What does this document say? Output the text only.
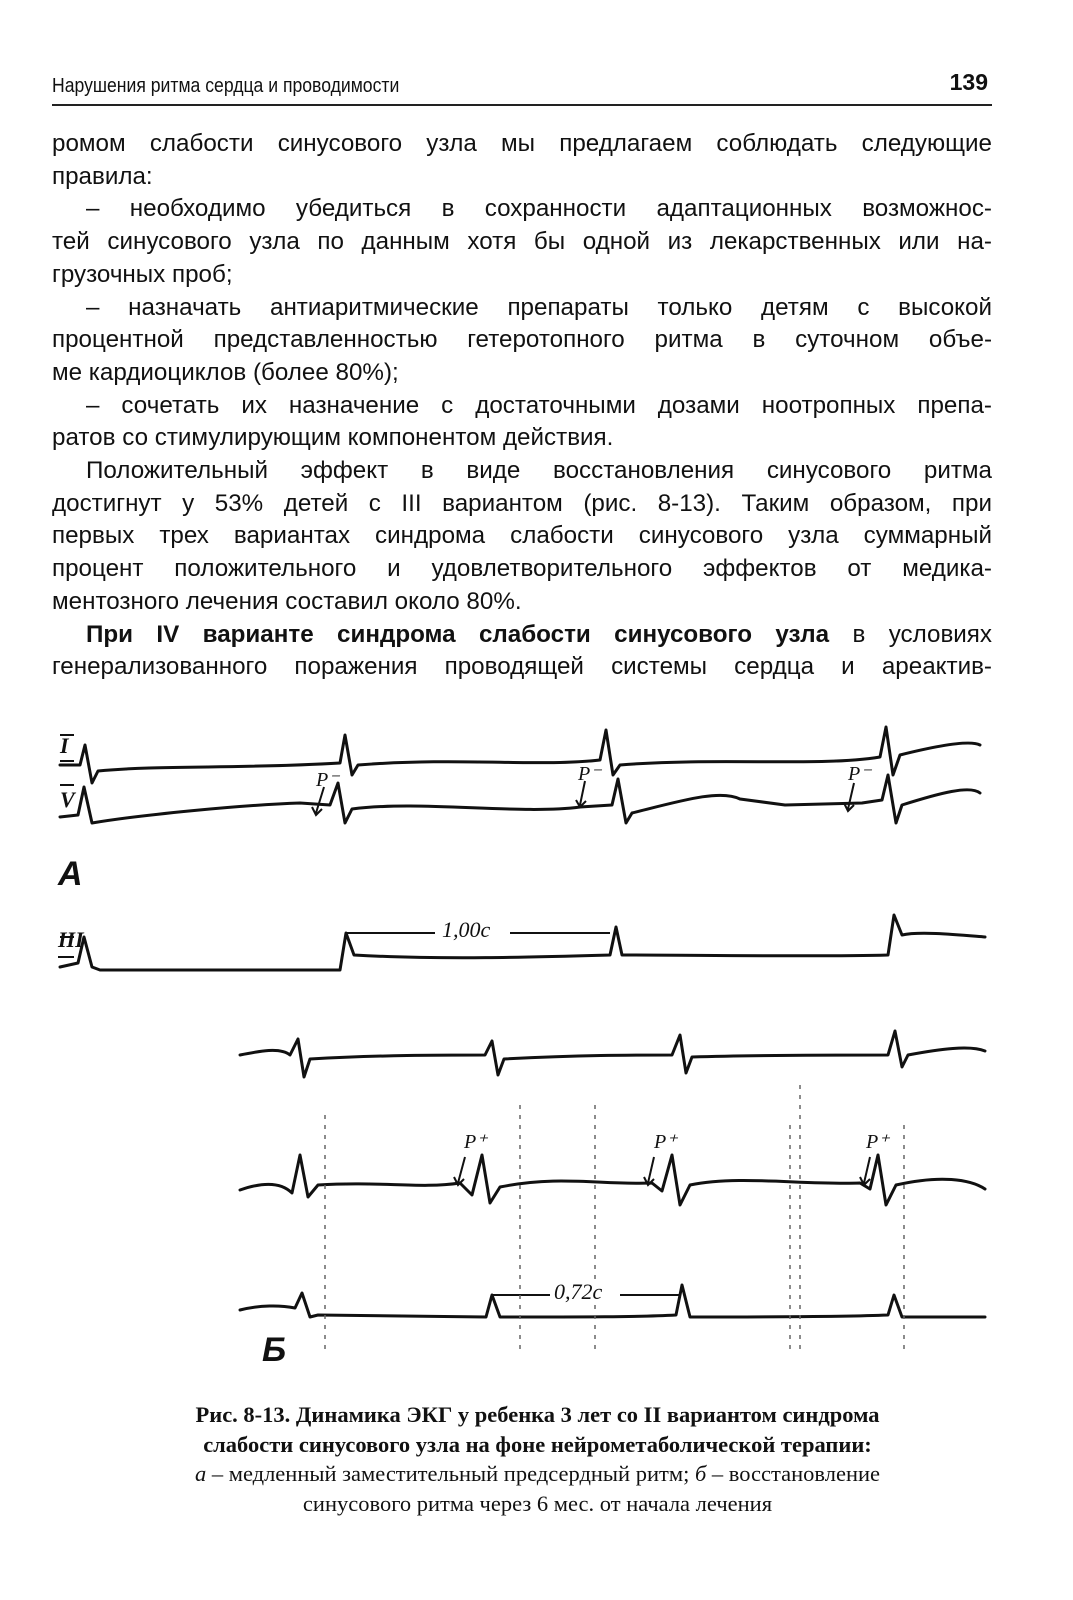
Нарушения ритма сердца и проводимости	139

ромом слабости синусового узла мы предлагаем соблюдать следующие

правила:

– необходимо убедиться в сохранности адаптационных возможнос-

тей синусового узла по данным хотя бы одной из лекарственных или на-

грузочных проб;

– назначать антиаритмические препараты только детям с высокой

процентной представленностью гетеротопного ритма в суточном объе-

ме кардиоциклов (более 80%);

– сочетать их назначение с достаточными дозами ноотропных препа-

ратов со стимулирующим компонентом действия.

Положительный эффект в виде восстановления синусового ритма

достигнут у 53% детей с III вариантом (рис. 8-13). Таким образом, при

первых трех вариантах синдрома слабости синусового узла суммарный

процент положительного и удовлетворительного эффектов от медика-

ментозного лечения составил около 80%.

При IV варианте синдрома слабости синусового узла в условиях

генерализованного поражения проводящей системы сердца и ареактив-

I
V
A
III
Б
P⁻	P⁻	P⁻
P⁺	P⁺	P⁺
1,00с
0,72с
Рис. 8-13. Динамика ЭКГ у ребенка 3 лет со II вариантом синдрома
слабости синусового узла на фоне нейрометаболической терапии:
а – медленный заместительный предсердный ритм; б – восстановление
синусового ритма через 6 мес. от начала лечения
